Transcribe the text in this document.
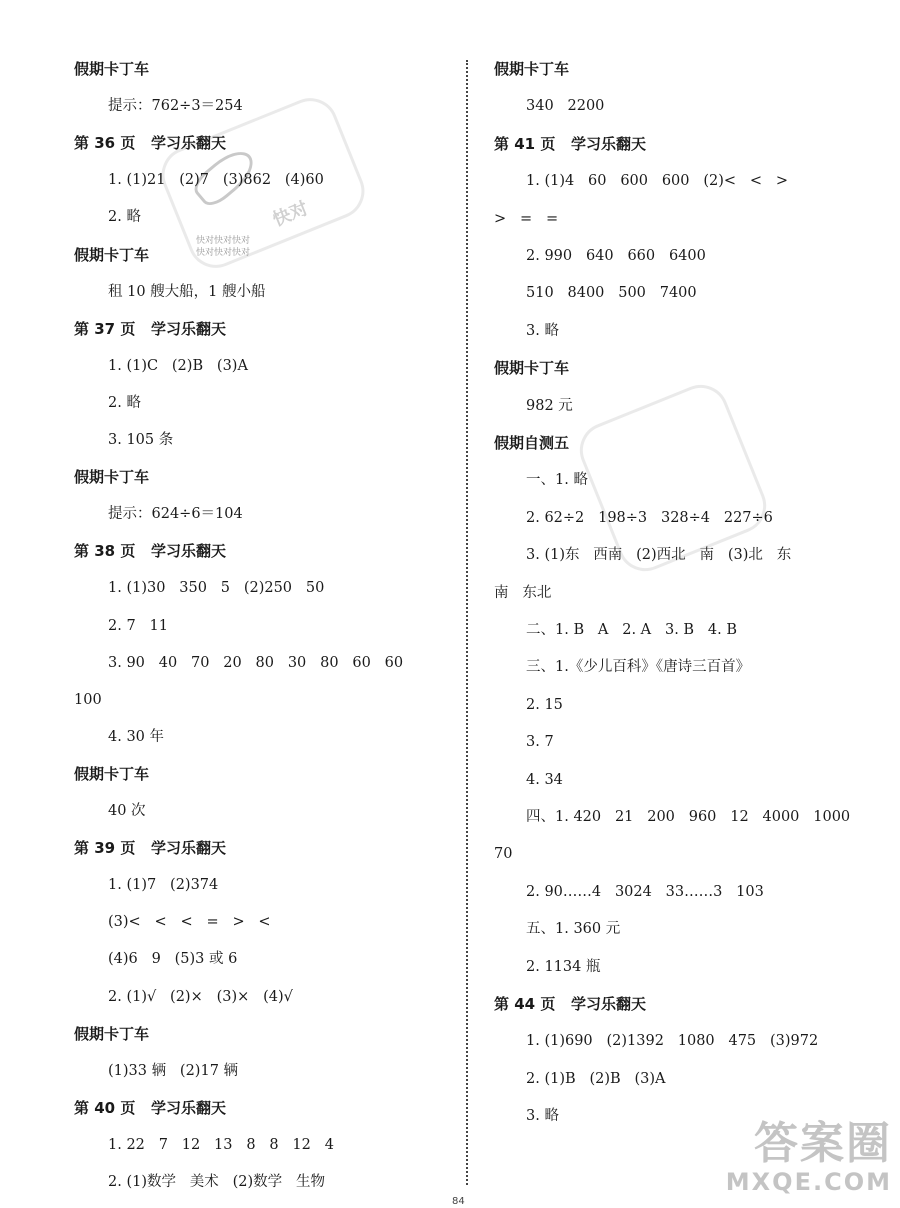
快对
快对快对快对
快对快对快对
假期卡丁车
提示：762÷3＝254
第 36 页   学习乐翻天
1. (1)21   (2)7   (3)862   (4)60
2. 略
假期卡丁车
租 10 艘大船，1 艘小船
第 37 页   学习乐翻天
1. (1)C   (2)B   (3)A
2. 略
3. 105 条
假期卡丁车
提示：624÷6＝104
第 38 页   学习乐翻天
1. (1)30   350   5   (2)250   50
2. 7   11
3. 90   40   70   20   80   30   80   60   60
100
4. 30 年
假期卡丁车
40 次
第 39 页   学习乐翻天
1. (1)7   (2)374
(3)<   <   <   =   >   <
(4)6   9   (5)3 或 6
2. (1)√   (2)×   (3)×   (4)√
假期卡丁车
(1)33 辆   (2)17 辆
第 40 页   学习乐翻天
1. 22   7   12   13   8   8   12   4
2. (1)数学   美术   (2)数学   生物
假期卡丁车
340   2200
第 41 页   学习乐翻天
1. (1)4   60   600   600   (2)<   <   >
>   =   =
2. 990   640   660   6400
510   8400   500   7400
3. 略
假期卡丁车
982 元
假期自测五
一、1. 略
2. 62÷2   198÷3   328÷4   227÷6
3. (1)东   西南   (2)西北   南   (3)北   东
南   东北
二、1. B   A   2. A   3. B   4. B
三、1.《少儿百科》《唐诗三百首》
2. 15
3. 7
4. 34
四、1. 420   21   200   960   12   4000   1000
70
2. 90……4   3024   33……3   103
五、1. 360 元
2. 1134 瓶
第 44 页   学习乐翻天
1. (1)690   (2)1392   1080   475   (3)972
2. (1)B   (2)B   (3)A
3. 略
答案圈
MXQE.COM
84
